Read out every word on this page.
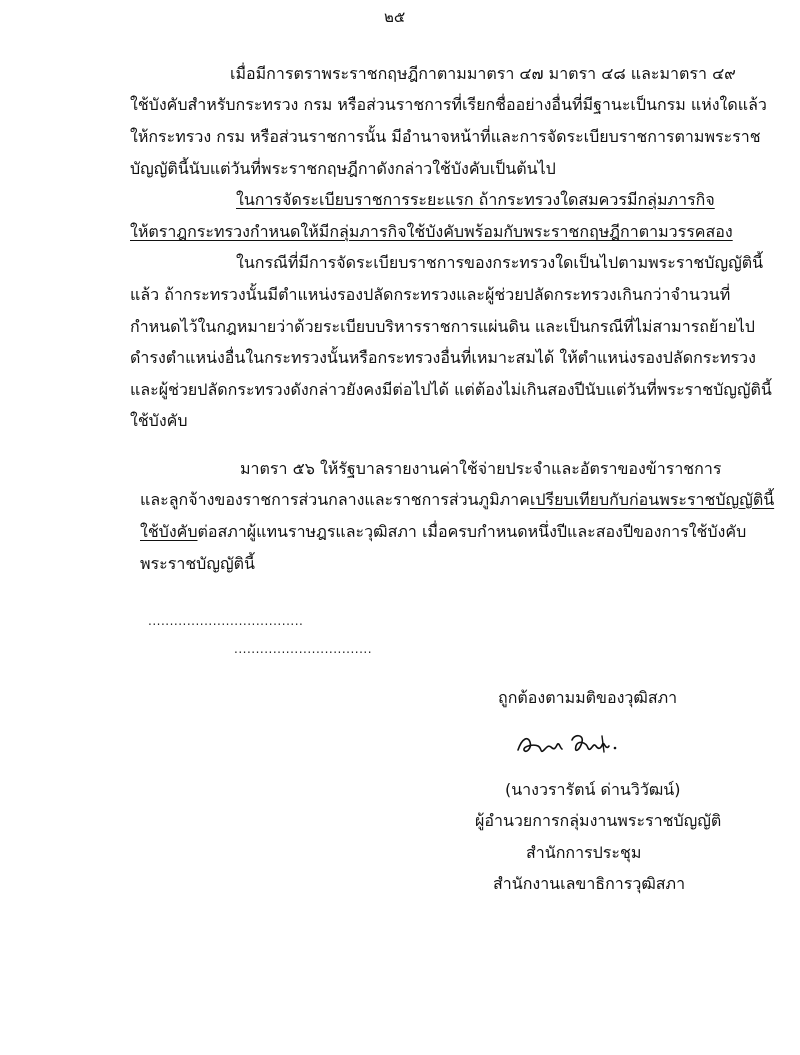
๒๕
เมื่อมีการตราพระราชกฤษฎีกาตามมาตรา ๔๗ มาตรา ๔๘ และมาตรา ๔๙
ใช้บังคับสำหรับกระทรวง กรม หรือส่วนราชการที่เรียกชื่ออย่างอื่นที่มีฐานะเป็นกรม แห่งใดแล้ว
ให้กระทรวง กรม หรือส่วนราชการนั้น มีอำนาจหน้าที่และการจัดระเบียบราชการตามพระราช
บัญญัตินี้นับแต่วันที่พระราชกฤษฎีกาดังกล่าวใช้บังคับเป็นต้นไป
ในการจัดระเบียบราชการระยะแรก ถ้ากระทรวงใดสมควรมีกลุ่มภารกิจ
ให้ตราฎกระทรวงกำหนดให้มีกลุ่มภารกิจใช้บังคับพร้อมกับพระราชกฤษฎีกาตามวรรคสอง
ในกรณีที่มีการจัดระเบียบราชการของกระทรวงใดเป็นไปตามพระราชบัญญัตินี้
แล้ว ถ้ากระทรวงนั้นมีตำแหน่งรองปลัดกระทรวงและผู้ช่วยปลัดกระทรวงเกินกว่าจำนวนที่
กำหนดไว้ในกฎหมายว่าด้วยระเบียบบริหารราชการแผ่นดิน และเป็นกรณีที่ไม่สามารถย้ายไป
ดำรงตำแหน่งอื่นในกระทรวงนั้นหรือกระทรวงอื่นที่เหมาะสมได้ ให้ตำแหน่งรองปลัดกระทรวง
และผู้ช่วยปลัดกระทรวงดังกล่าวยังคงมีต่อไปได้ แต่ต้องไม่เกินสองปีนับแต่วันที่พระราชบัญญัตินี้
ใช้บังคับ
มาตรา ๕๖ ให้รัฐบาลรายงานค่าใช้จ่ายประจำและอัตราของข้าราชการ
และลูกจ้างของราชการส่วนกลางและราชการส่วนภูมิภาคเปรียบเทียบกับก่อนพระราชบัญญัตินี้
ใช้บังคับต่อสภาผู้แทนราษฎรและวุฒิสภา เมื่อครบกำหนดหนึ่งปีและสองปีของการใช้บังคับ
พระราชบัญญัตินี้
....................................
................................
ถูกต้องตามมติของวุฒิสภา
(นางวรารัตน์ ด่านวิวัฒน์)
ผู้อำนวยการกลุ่มงานพระราชบัญญัติ
สำนักการประชุม
สำนักงานเลขาธิการวุฒิสภา
